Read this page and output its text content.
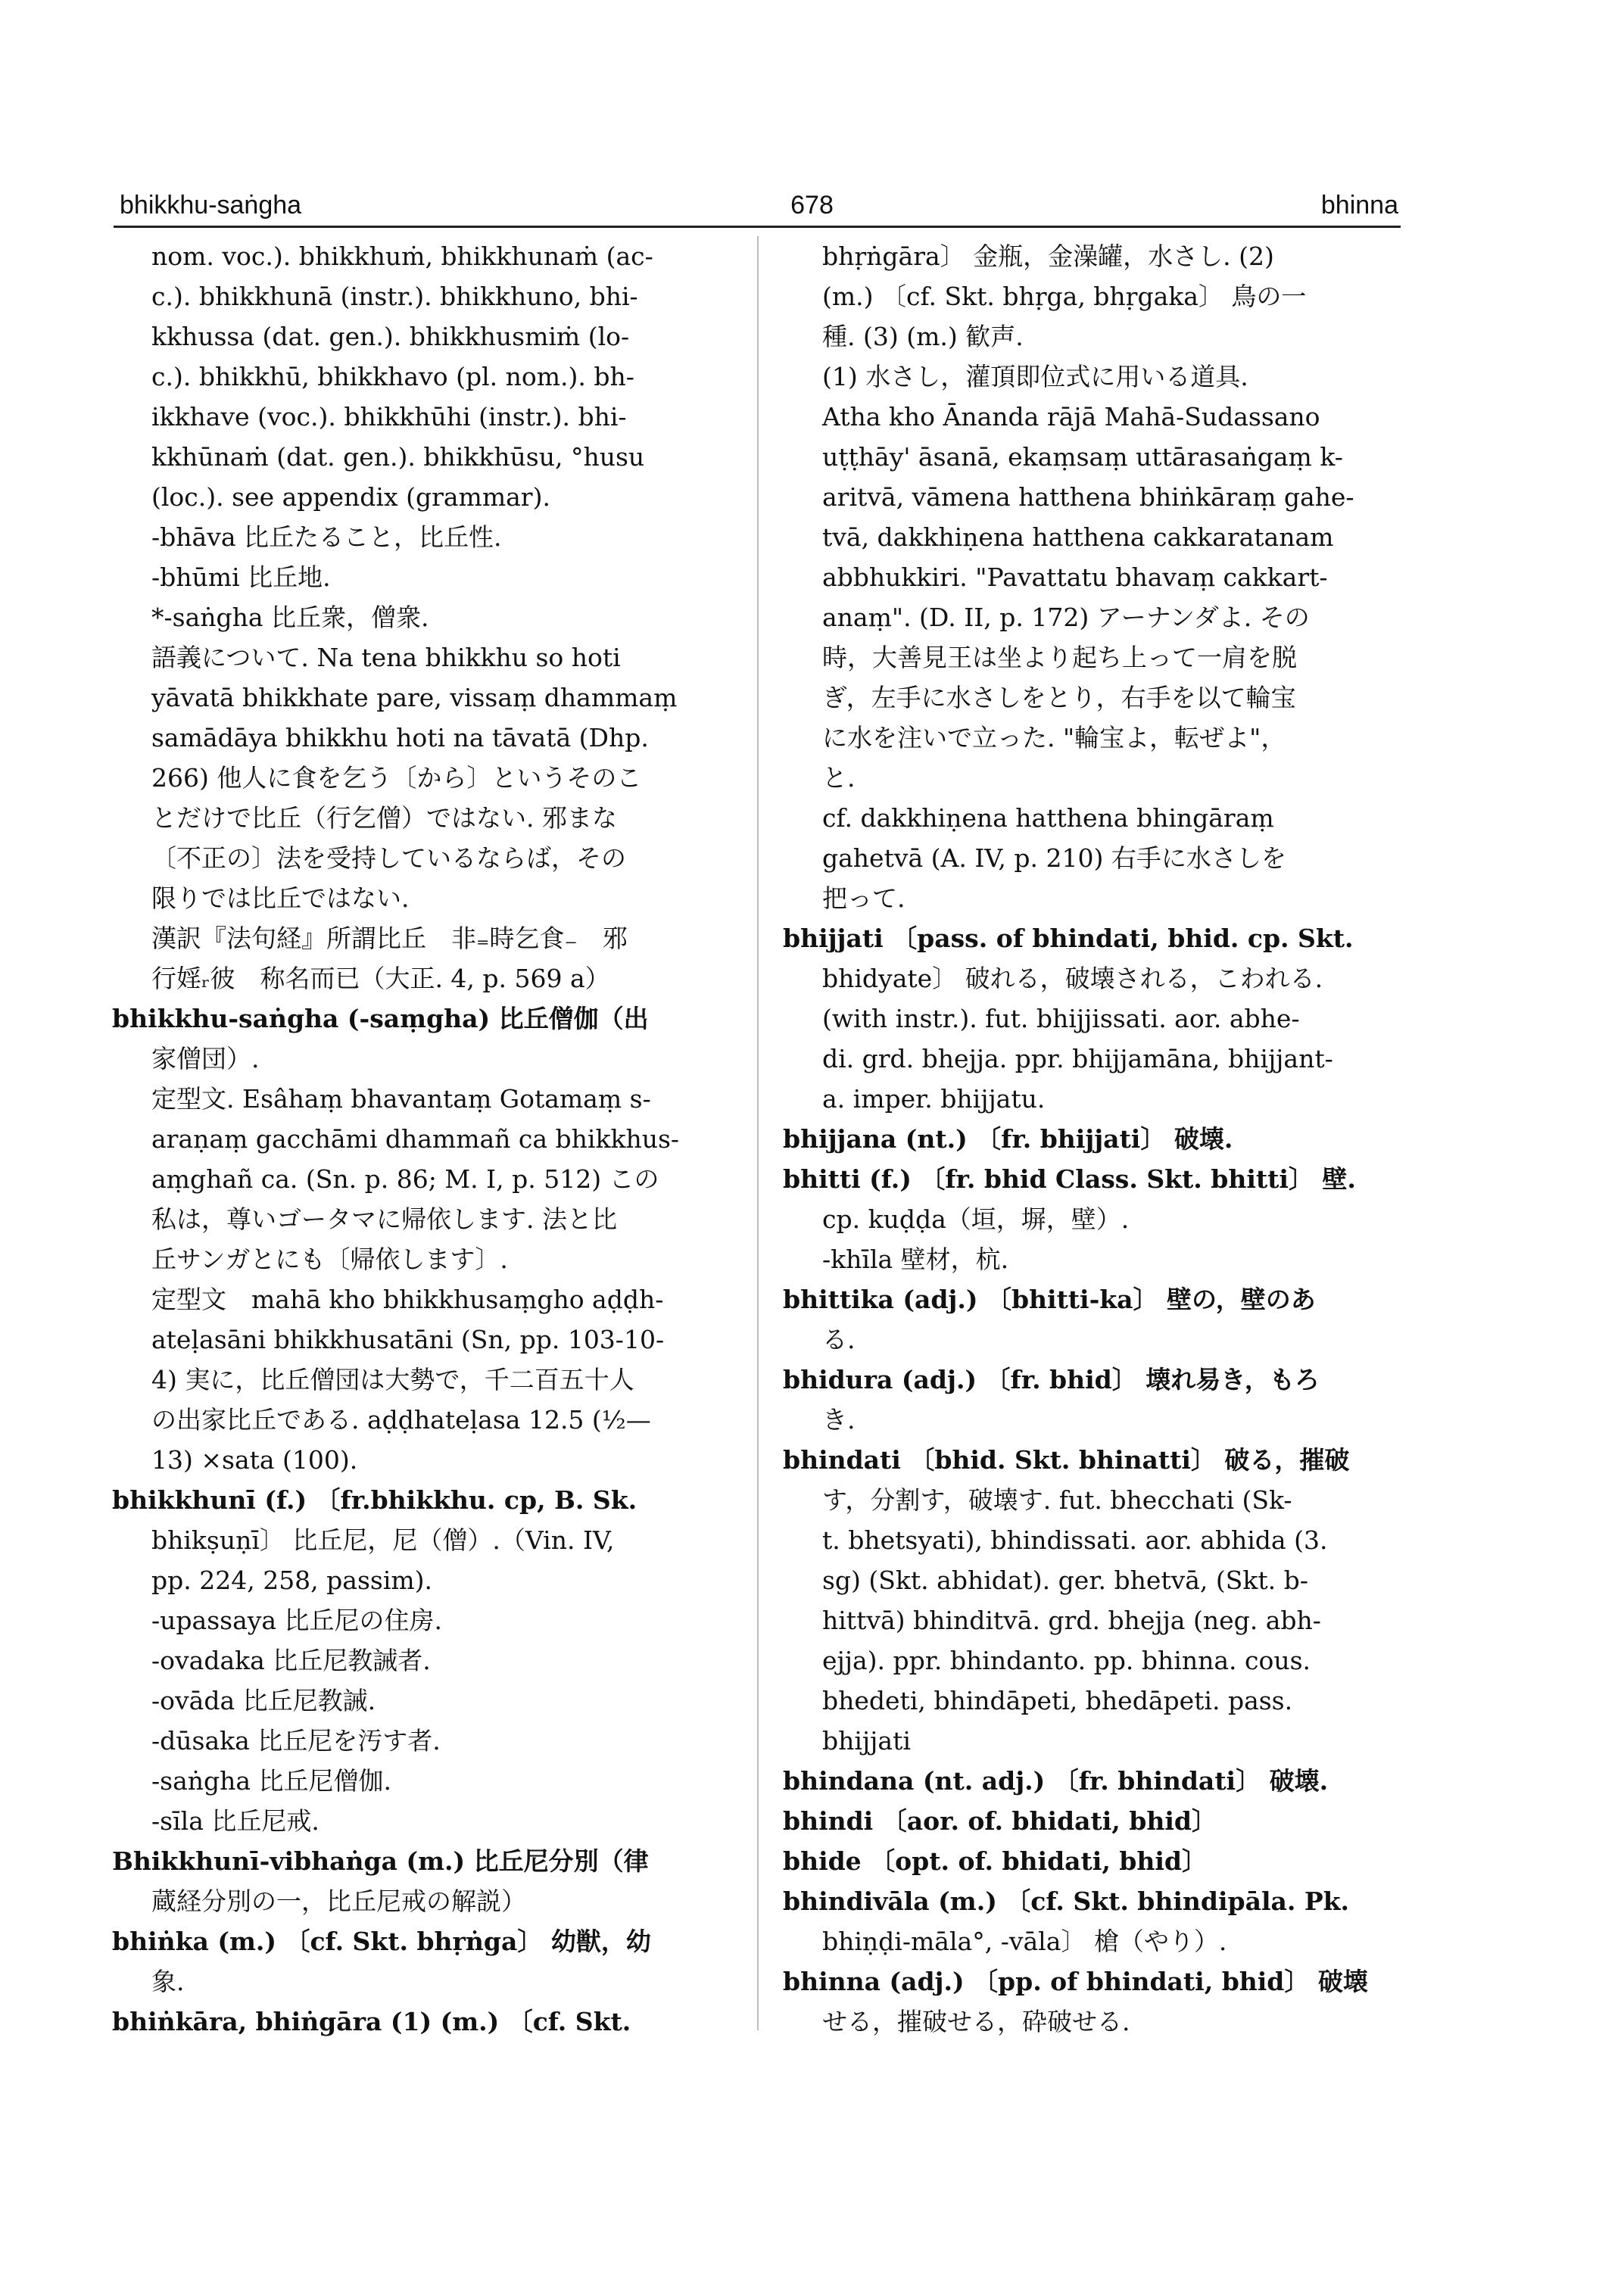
bhikkhu-saṅgha	678	bhinna

nom. voc.). bhikkhuṁ, bhikkhunaṁ (ac-

c.). bhikkhunā (instr.). bhikkhuno, bhi-

kkhussa (dat. gen.). bhikkhusmiṁ (lo-

c.). bhikkhū, bhikkhavo (pl. nom.). bh-

ikkhave (voc.). bhikkhūhi (instr.). bhi-

kkhūnaṁ (dat. gen.). bhikkhūsu, °husu

(loc.). see appendix (grammar).

-bhāva 比丘たること，比丘性.

-bhūmi 比丘地.

*-saṅgha 比丘衆，僧衆.

語義について. Na tena bhikkhu so hoti

yāvatā bhikkhate pare, vissaṃ dhammaṃ

samādāya bhikkhu hoti na tāvatā (Dhp.

266) 他人に食を乞う〔から〕というそのこ

とだけで比丘（行乞僧）ではない. 邪まな

〔不正の〕法を受持しているならば，その

限りでは比丘ではない.

漢訳『法句経』所謂比丘　非₌時乞食₋　邪

行婬ᵣ彼　称名而已（大正. 4, p. 569 a）

bhikkhu-saṅgha (-saṃgha) 比丘僧伽（出

家僧団）.

定型文. Esâhaṃ bhavantaṃ Gotamaṃ s-

araṇaṃ gacchāmi dhammañ ca bhikkhus-

aṃghañ ca. (Sn. p. 86; M. I, p. 512) この

私は，尊いゴータマに帰依します. 法と比

丘サンガとにも〔帰依します〕.

定型文　mahā kho bhikkhusaṃgho aḍḍh-

ateḷasāni bhikkhusatāni (Sn, pp. 103-10-

4) 実に，比丘僧団は大勢で，千二百五十人

の出家比丘である. aḍḍhateḷasa 12.5 (½—

13) ×sata (100).

bhikkhunī (f.) 〔fr.bhikkhu. cp, B. Sk.

bhikṣuṇī〕 比丘尼，尼（僧）.（Vin. IV,

pp. 224, 258, passim).

-upassaya 比丘尼の住房.

-ovadaka 比丘尼教誡者.

-ovāda 比丘尼教誡.

-dūsaka 比丘尼を汚す者.

-saṅgha 比丘尼僧伽.

-sīla 比丘尼戒.

Bhikkhunī-vibhaṅga (m.) 比丘尼分別（律

蔵経分別の一，比丘尼戒の解説）

bhiṅka (m.) 〔cf. Skt. bhṛṅga〕 幼獣，幼

象.

bhiṅkāra, bhiṅgāra (1) (m.) 〔cf. Skt.

bhṛṅgāra〕 金瓶，金澡罐，水さし. (2)

(m.) 〔cf. Skt. bhṛga, bhṛgaka〕 鳥の一

種. (3) (m.) 歓声.

(1) 水さし，灌頂即位式に用いる道具.

Atha kho Ānanda rājā Mahā-Sudassano

uṭṭhāy' āsanā, ekaṃsaṃ uttārasaṅgaṃ k-

aritvā, vāmena hatthena bhiṅkāraṃ gahe-

tvā, dakkhiṇena hatthena cakkaratanam

abbhukkiri. "Pavattatu bhavaṃ cakkart-

anaṃ". (D. II, p. 172) アーナンダよ. その

時，大善見王は坐より起ち上って一肩を脱

ぎ，左手に水さしをとり，右手を以て輪宝

に水を注いで立った. "輪宝よ，転ぜよ"，

と.

cf. dakkhiṇena hatthena bhingāraṃ

gahetvā (A. IV, p. 210) 右手に水さしを

把って.

bhijjati 〔pass. of bhindati, bhid. cp. Skt.

bhidyate〕 破れる，破壊される，こわれる.

(with instr.). fut. bhijjissati. aor. abhe-

di. grd. bhejja. ppr. bhijjamāna, bhijjant-

a. imper. bhijjatu.

bhijjana (nt.) 〔fr. bhijjati〕 破壊.

bhitti (f.) 〔fr. bhid Class. Skt. bhitti〕 壁.

cp. kuḍḍa（垣，塀，壁）.

-khīla 壁材，杭.

bhittika (adj.) 〔bhitti-ka〕 壁の，壁のあ

る.

bhidura (adj.) 〔fr. bhid〕 壊れ易き，もろ

き.

bhindati 〔bhid. Skt. bhinatti〕 破る，摧破

す，分割す，破壊す. fut. bhecchati (Sk-

t. bhetsyati), bhindissati. aor. abhida (3.

sg) (Skt. abhidat). ger. bhetvā, (Skt. b-

hittvā) bhinditvā. grd. bhejja (neg. abh-

ejja). ppr. bhindanto. pp. bhinna. cous.

bhedeti, bhindāpeti, bhedāpeti. pass.

bhijjati

bhindana (nt. adj.) 〔fr. bhindati〕 破壊.

bhindi 〔aor. of. bhidati, bhid〕

bhide 〔opt. of. bhidati, bhid〕

bhindivāla (m.) 〔cf. Skt. bhindipāla. Pk.

bhiṇḍi-māla°, -vāla〕 槍（やり）.

bhinna (adj.) 〔pp. of bhindati, bhid〕 破壊

せる，摧破せる，砕破せる.
